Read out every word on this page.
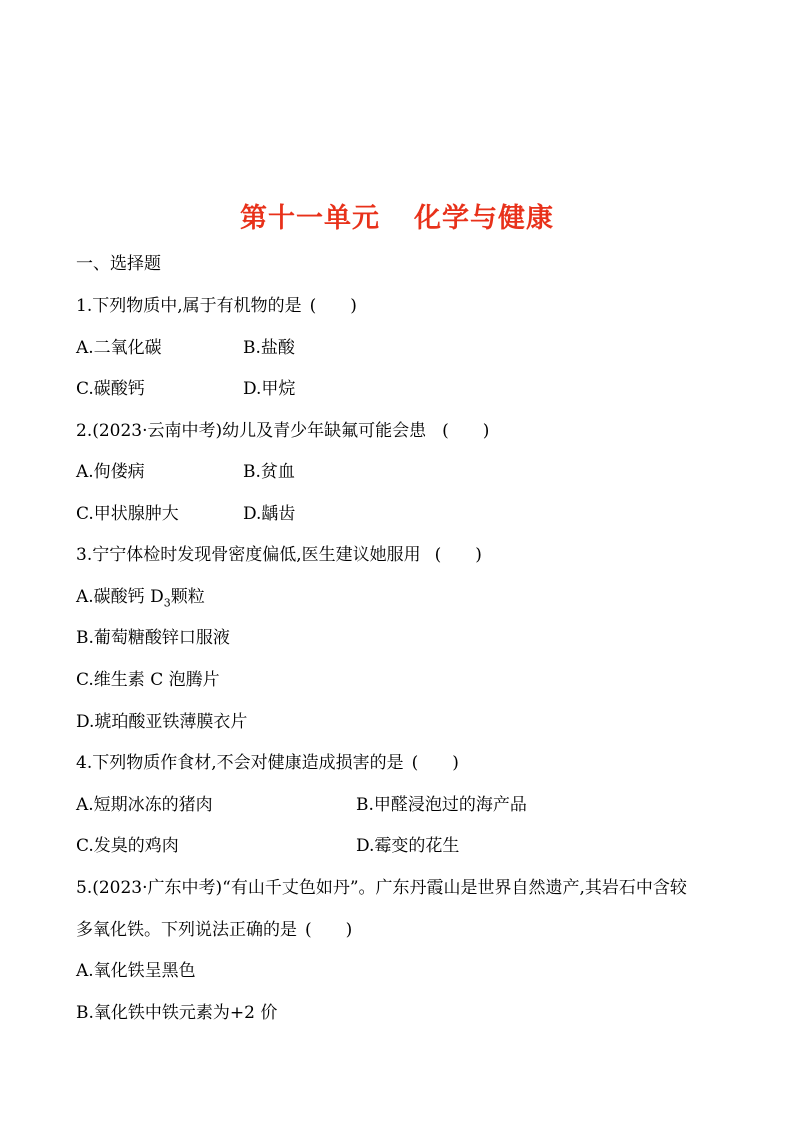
第十一单元 化学与健康
一、选择题
1.下列物质中,属于有机物的是 (　　)
A.二氧化碳	B.盐酸
C.碳酸钙	D.甲烷
2.(2023·云南中考)幼儿及青少年缺氟可能会患 (　　)
A.佝偻病	B.贫血
C.甲状腺肿大	D.龋齿
3.宁宁体检时发现骨密度偏低,医生建议她服用 (　　)
A.碳酸钙 $D_3$颗粒
B.葡萄糖酸锌口服液
C.维生素 C 泡腾片
D.琥珀酸亚铁薄膜衣片
4.下列物质作食材,不会对健康造成损害的是 (　　)
A.短期冰冻的猪肉	B.甲醛浸泡过的海产品
C.发臭的鸡肉	D.霉变的花生
5.(2023·广东中考)“有山千丈色如丹”。广东丹霞山是世界自然遗产,其岩石中含较
多氧化铁。下列说法正确的是 (　　)
A.氧化铁呈黑色
B.氧化铁中铁元素为+2 价
